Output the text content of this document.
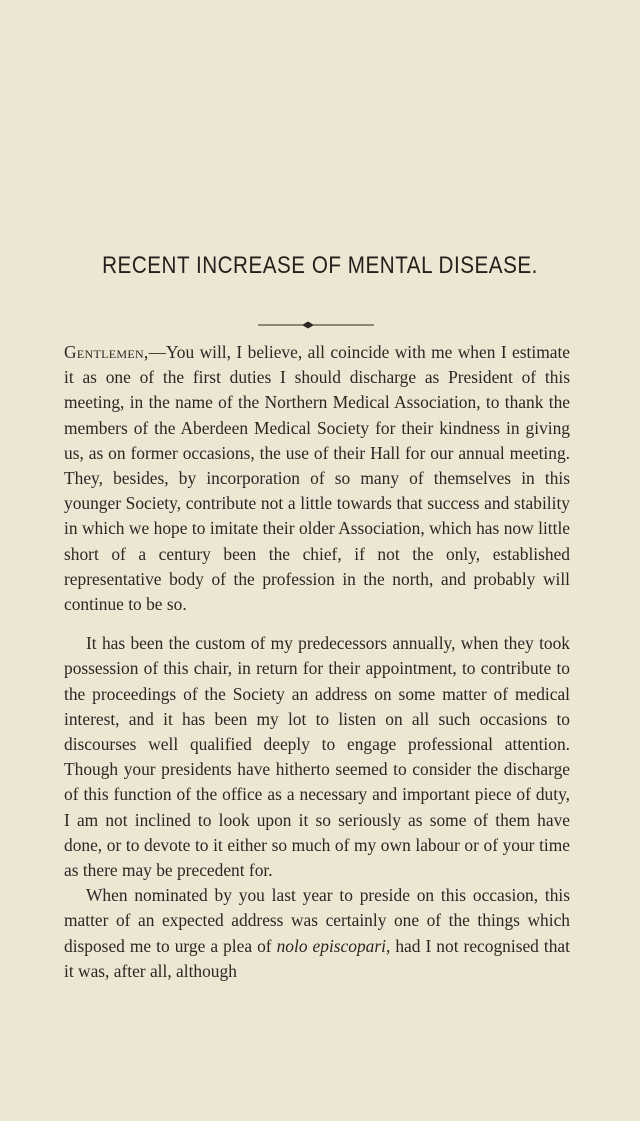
RECENT INCREASE OF MENTAL DISEASE.

Gentlemen,—You will, I believe, all coincide with me when I estimate it as one of the first duties I should discharge as President of this meeting, in the name of the Northern Medical Association, to thank the members of the Aberdeen Medical Society for their kindness in giving us, as on former occasions, the use of their Hall for our annual meeting. They, besides, by incorporation of so many of themselves in this younger Society, contribute not a little towards that success and stability in which we hope to imitate their older Association, which has now little short of a century been the chief, if not the only, established representative body of the profession in the north, and probably will continue to be so.

It has been the custom of my predecessors annually, when they took possession of this chair, in return for their appointment, to contribute to the proceedings of the Society an address on some matter of medical interest, and it has been my lot to listen on all such occasions to discourses well qualified deeply to engage professional attention. Though your presidents have hitherto seemed to consider the discharge of this function of the office as a necessary and important piece of duty, I am not inclined to look upon it so seriously as some of them have done, or to devote to it either so much of my own labour or of your time as there may be precedent for.

When nominated by you last year to preside on this occasion, this matter of an expected address was certainly one of the things which disposed me to urge a plea of nolo episcopari, had I not recognised that it was, after all, although
